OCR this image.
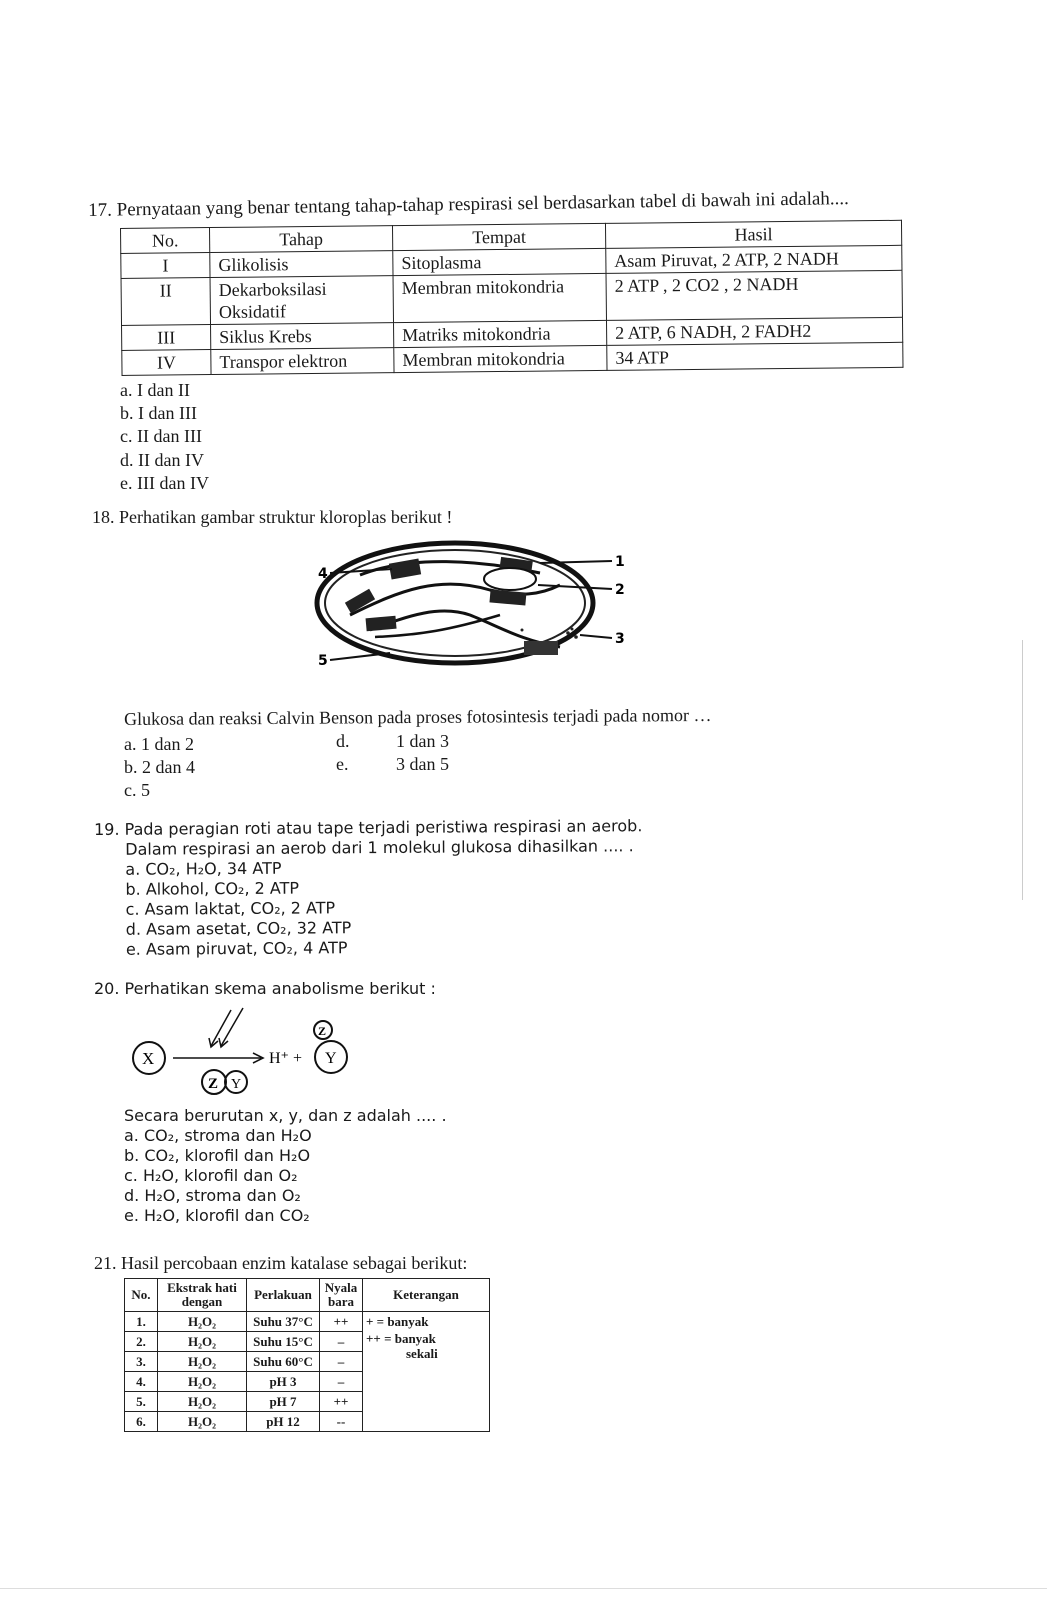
17. Pernyataan yang benar tentang tahap-tahap respirasi sel berdasarkan tabel di bawah ini adalah....
No.	Tahap	Tempat	Hasil
I	Glikolisis	Sitoplasma	Asam Piruvat, 2 ATP, 2 NADH
II	Dekarboksilasi Oksidatif	Membran mitokondria	2 ATP , 2 CO2 , 2 NADH
III	Siklus Krebs	Matriks mitokondria	2 ATP, 6 NADH, 2 FADH2
IV	Transpor elektron	Membran mitokondria	34 ATP
a. I dan II
b. I dan III
c. II dan III
d. II dan IV
e. III dan IV
18. Perhatikan gambar struktur kloroplas berikut !
1
2
3
4
5
Glukosa dan reaksi Calvin Benson pada proses fotosintesis terjadi pada nomor …
a. 1 dan 2
b. 2 dan 4
c. 5
d.	1 dan 3
e.	3 dan 5
19. Pada peragian roti atau tape terjadi peristiwa respirasi an aerob.
Dalam respirasi an aerob dari 1 molekul glukosa dihasilkan .... .
a. CO₂, H₂O, 34 ATP
b. Alkohol, CO₂, 2 ATP
c. Asam laktat, CO₂, 2 ATP
d. Asam asetat, CO₂, 32 ATP
e. Asam piruvat, CO₂, 4 ATP
20. Perhatikan skema anabolisme berikut :
X
Z Y
H⁺ + Y
Z
Secara berurutan x, y, dan z adalah .... .
a. CO₂, stroma dan H₂O
b. CO₂, klorofil dan H₂O
c. H₂O, klorofil dan O₂
d. H₂O, stroma dan O₂
e. H₂O, klorofil dan CO₂
21. Hasil percobaan enzim katalase sebagai berikut:
No.	Ekstrak hati dengan	Perlakuan	Nyala bara	Keterangan
1.	H₂O₂	Suhu 37°C	++	+ = banyak
++ = banyak
sekali

2.	H₂O₂	Suhu 15°C	–	
3.	H₂O₂	Suhu 60°C	–	
4.	H₂O₂	pH 3	–	
5.	H₂O₂	pH 7	++	
6.	H₂O₂	pH 12	--	
